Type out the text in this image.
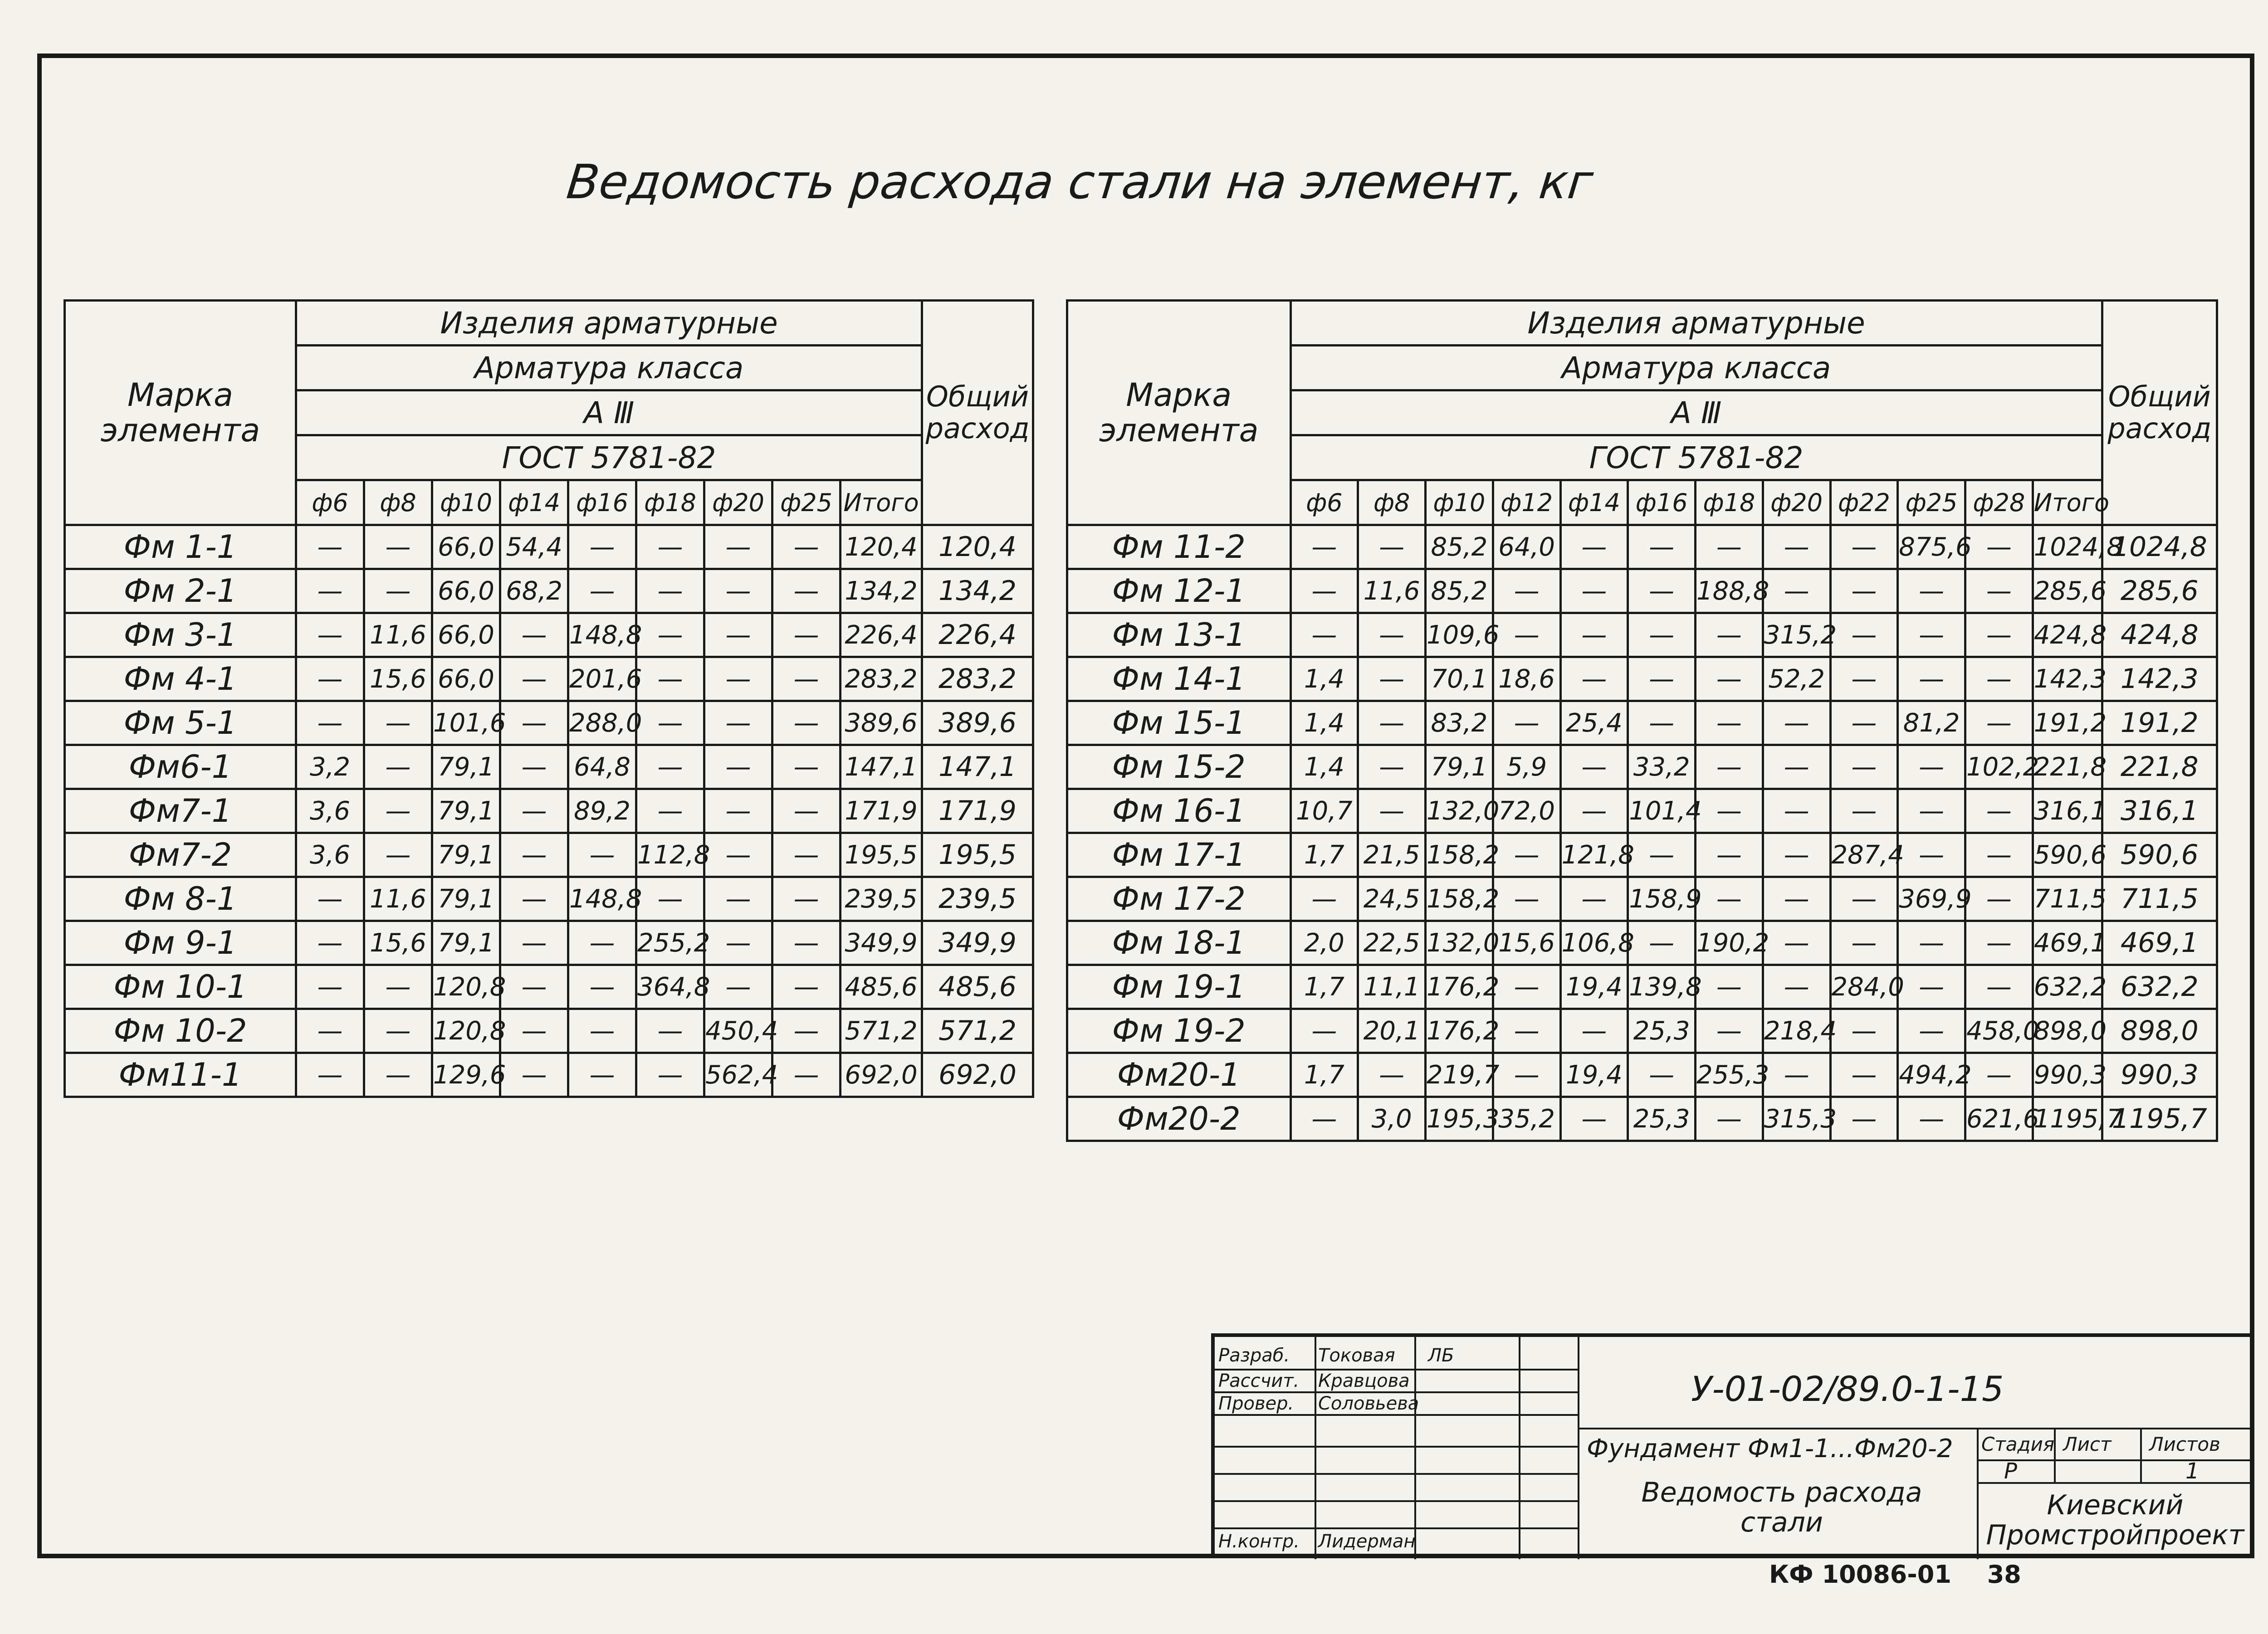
Ведомость расхода стали на элемент, кг
Марка элемента	Изделия арматурные									Общий расход
	Арматура класса									
	А Ⅲ									
	ГОСТ 5781-82									
	ф6	ф8	ф10	ф14	ф16	ф18	ф20	ф25	Итого	
Фм 1-1	—	—	66,0	54,4	—	—	—	—	120,4	120,4
Фм 2-1	—	—	66,0	68,2	—	—	—	—	134,2	134,2
Фм 3-1	—	11,6	66,0	—	148,8	—	—	—	226,4	226,4
Фм 4-1	—	15,6	66,0	—	201,6	—	—	—	283,2	283,2
Фм 5-1	—	—	101,6	—	288,0	—	—	—	389,6	389,6
Фм6-1	3,2	—	79,1	—	64,8	—	—	—	147,1	147,1
Фм7-1	3,6	—	79,1	—	89,2	—	—	—	171,9	171,9
Фм7-2	3,6	—	79,1	—	—	112,8	—	—	195,5	195,5
Фм 8-1	—	11,6	79,1	—	148,8	—	—	—	239,5	239,5
Фм 9-1	—	15,6	79,1	—	—	255,2	—	—	349,9	349,9
Фм 10-1	—	—	120,8	—	—	364,8	—	—	485,6	485,6
Фм 10-2	—	—	120,8	—	—	—	450,4	—	571,2	571,2
Фм11-1	—	—	129,6	—	—	—	562,4	—	692,0	692,0
Марка элемента	Изделия арматурные												Общий расход
	Арматура класса												
	А Ⅲ												
	ГОСТ 5781-82												
	ф6	ф8	ф10	ф12	ф14	ф16	ф18	ф20	ф22	ф25	ф28	Итого	
Фм 11-2	—	—	85,2	64,0	—	—	—	—	—	875,6	—	1024,8	1024,8
Фм 12-1	—	11,6	85,2	—	—	—	188,8	—	—	—	—	285,6	285,6
Фм 13-1	—	—	109,6	—	—	—	—	315,2	—	—	—	424,8	424,8
Фм 14-1	1,4	—	70,1	18,6	—	—	—	52,2	—	—	—	142,3	142,3
Фм 15-1	1,4	—	83,2	—	25,4	—	—	—	—	81,2	—	191,2	191,2
Фм 15-2	1,4	—	79,1	5,9	—	33,2	—	—	—	—	102,2	221,8	221,8
Фм 16-1	10,7	—	132,0	72,0	—	101,4	—	—	—	—	—	316,1	316,1
Фм 17-1	1,7	21,5	158,2	—	121,8	—	—	—	287,4	—	—	590,6	590,6
Фм 17-2	—	24,5	158,2	—	—	158,9	—	—	—	369,9	—	711,5	711,5
Фм 18-1	2,0	22,5	132,0	15,6	106,8	—	190,2	—	—	—	—	469,1	469,1
Фм 19-1	1,7	11,1	176,2	—	19,4	139,8	—	—	284,0	—	—	632,2	632,2
Фм 19-2	—	20,1	176,2	—	—	25,3	—	218,4	—	—	458,0	898,0	898,0
Фм20-1	1,7	—	219,7	—	19,4	—	255,3	—	—	494,2	—	990,3	990,3
Фм20-2	—	3,0	195,3	35,2	—	25,3	—	315,3	—	—	621,6	1195,7	1195,7
Разраб.
Рассчит.
Провер.
Н.контр.
Токовая
Кравцова
Соловьева
Лидерман
ЛБ
У-01-02/89.0-1-15
Фундамент Фм1-1...Фм20-2
Ведомость расхода стали
Стадия Лист Листов
Р	1
Киевский Промстройпроект
КФ 10086-01 38
